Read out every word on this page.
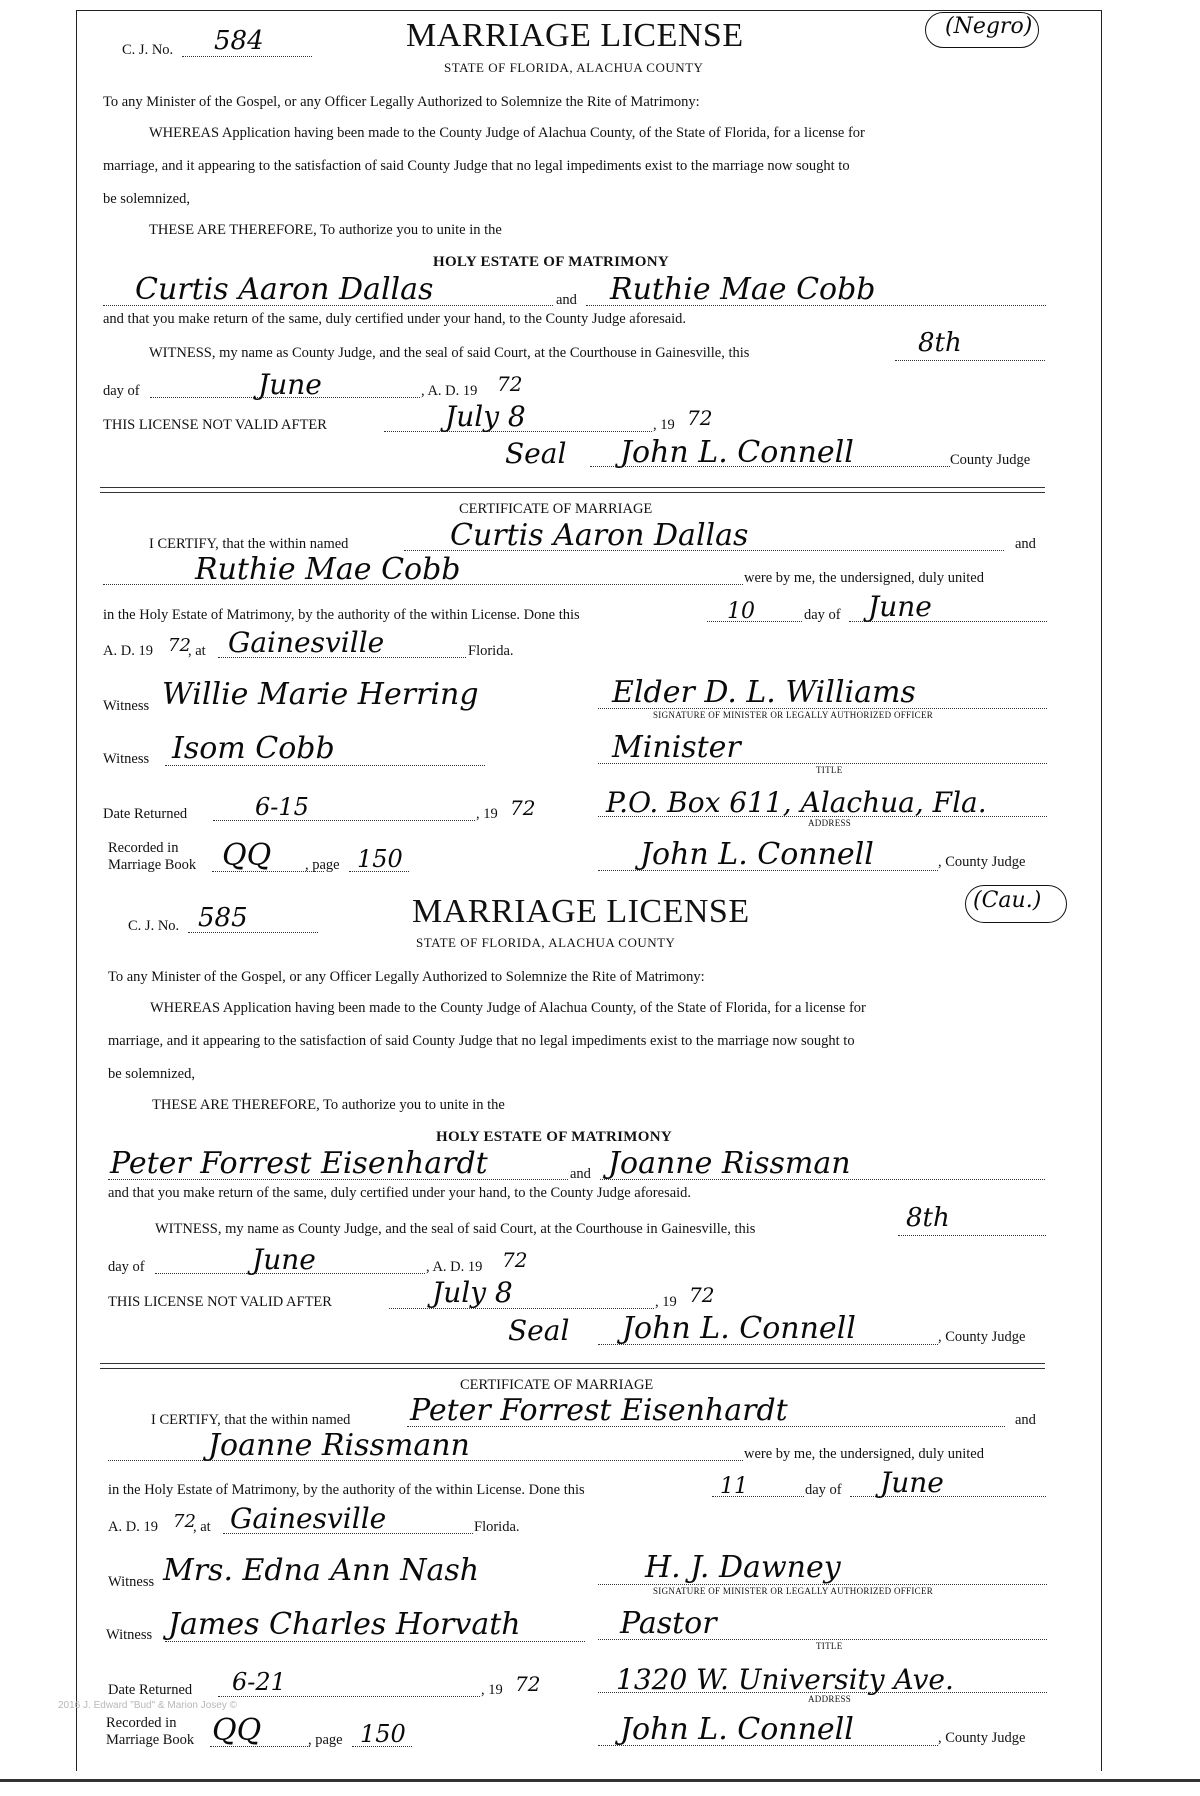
C. J. No. 584	MARRIAGE LICENSE
STATE OF FLORIDA, ALACHUA COUNTY
(Negro)
To any Minister of the Gospel, or any Officer Legally Authorized to Solemnize the Rite of Matrimony:
WHEREAS Application having been made to the County Judge of Alachua County, of the State of Florida, for a license for
marriage, and it appearing to the satisfaction of said County Judge that no legal impediments exist to the marriage now sought to
be solemnized,
THESE ARE THEREFORE, To authorize you to unite in the
HOLY ESTATE OF MATRIMONY
Curtis Aaron Dallas	and Ruthie Mae Cobb
and that you make return of the same, duly certified under your hand, to the County Judge aforesaid.
WITNESS, my name as County Judge, and the seal of said Court, at the Courthouse in Gainesville, this	8th
day of	June	, A. D. 19 72
THIS LICENSE NOT VALID AFTER	July 8	, 19 72
Seal John L. Connell	County Judge
CERTIFICATE OF MARRIAGE
I CERTIFY, that the within named	Curtis Aaron Dallas	and
Ruthie Mae Cobb	were by me, the undersigned, duly united
in the Holy Estate of Matrimony, by the authority of the within License. Done this	10	day of June
A. D. 19 72
, at Gainesville	Florida.
Witness Willie Marie Herring	Elder D. L. Williams
SIGNATURE OF MINISTER OR LEGALLY AUTHORIZED OFFICER
Witness Isom Cobb	Minister
TITLE
Date Returned	6-15	, 19 72	P.O. Box 611, Alachua, Fla.
ADDRESS
Recorded in
Marriage Book QQ , page 150	John L. Connell	, County Judge
C. J. No. 585	MARRIAGE LICENSE
STATE OF FLORIDA, ALACHUA COUNTY
(Cau.)
To any Minister of the Gospel, or any Officer Legally Authorized to Solemnize the Rite of Matrimony:
WHEREAS Application having been made to the County Judge of Alachua County, of the State of Florida, for a license for
marriage, and it appearing to the satisfaction of said County Judge that no legal impediments exist to the marriage now sought to
be solemnized,
THESE ARE THEREFORE, To authorize you to unite in the
HOLY ESTATE OF MATRIMONY
Peter Forrest Eisenhardt	and Joanne Rissman
and that you make return of the same, duly certified under your hand, to the County Judge aforesaid.
WITNESS, my name as County Judge, and the seal of said Court, at the Courthouse in Gainesville, this	8th
day of	June	, A. D. 19 72
THIS LICENSE NOT VALID AFTER	July 8	, 19 72
Seal John L. Connell	, County Judge
CERTIFICATE OF MARRIAGE
I CERTIFY, that the within named Peter Forrest Eisenhardt	and
Joanne Rissmann	were by me, the undersigned, duly united
in the Holy Estate of Matrimony, by the authority of the within License. Done this	11	day of June
A. D. 19 72
, at Gainesville	Florida.
Witness Mrs. Edna Ann Nash	H. J. Dawney
SIGNATURE OF MINISTER OR LEGALLY AUTHORIZED OFFICER
Witness James Charles Horvath	Pastor
TITLE
Date Returned 6-21	, 19 72	1320 W. University Ave.
ADDRESS
2016 J. Edward "Bud" & Marion Josey ©
Recorded in
Marriage Book QQ	, page 150	John L. Connell	, County Judge
